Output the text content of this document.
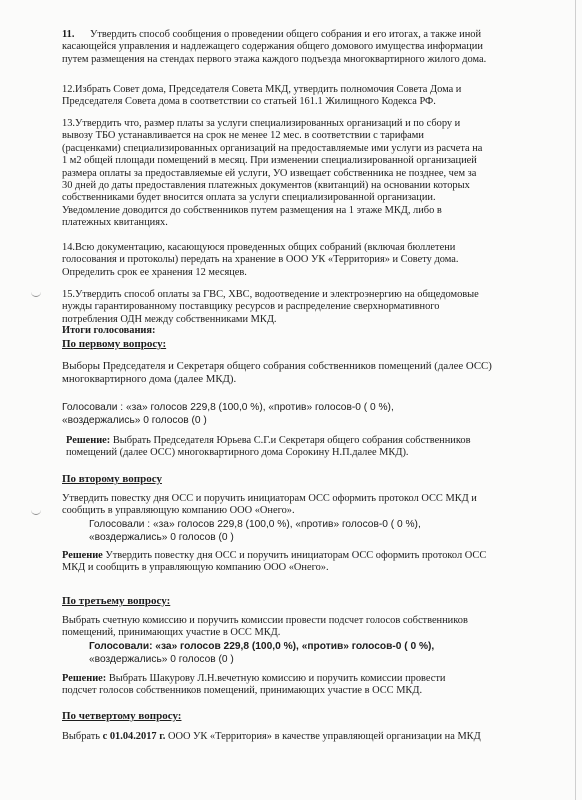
11. Утвердить способ сообщения о проведении общего собрания и его итогах, а также иной
касающейся управления и надлежащего содержания общего домового имущества информации
путем размещения на стендах первого этажа каждого подъезда многоквартирного жилого дома.
12.Избрать Совет дома, Председателя Совета МКД, утвердить полномочия Совета Дома и
Председателя Совета дома в соответствии со статьей 161.1 Жилищного Кодекса РФ.
13.Утвердить что, размер платы за услуги специализированных организаций и по сбору и
вывозу ТБО устанавливается на срок не менее 12 мес. в соответствии с тарифами
(расценками) специализированных организаций на предоставляемые ими услуги из расчета на
1 м2 общей площади помещений в месяц. При изменении специализированной организацией
размера оплаты за предоставляемые ей услуги, УО извещает собственника не позднее, чем за
30 дней до даты предоставления платежных документов (квитанций) на основании которых
собственниками будет вносится оплата за услуги специализированной организации.
Уведомление доводится до собственников путем размещения на 1 этаже МКД, либо в
платежных квитанциях.
14.Всю документацию, касающуюся проведенных общих собраний (включая бюллетени
голосования и протоколы) передать на хранение в ООО УК «Территория» и Совету дома.
Определить срок ее хранения 12 месяцев.
15.Утвердить способ оплаты за ГВС, ХВС, водоотведение и электроэнергию на общедомовые
нужды гарантированному поставщику ресурсов и распределение сверхнормативного
потребления ОДН между собственниками МКД.
Итоги голосования:
По первому вопросу:
Выборы Председателя и Секретаря общего собрания собственников помещений (далее ОСС)
многоквартирного дома (далее МКД).
Голосовали : «за» голосов 229,8 (100,0 %), «против» голосов-0 ( 0 %),
«воздержались» 0 голосов (0 )
Решение: Выбрать Председателя Юрьева С.Г.и Секретаря общего собрания собственников
помещений (далее ОСС) многоквартирного дома Сорокину Н.П.далее МКД).
По второму вопросу
Утвердить повестку дня ОСС и поручить инициаторам ОСС оформить протокол ОСС МКД и
сообщить в управляющую компанию ООО «Онего».
Голосовали : «за» голосов 229,8 (100,0 %), «против» голосов-0 ( 0 %),
«воздержались» 0 голосов (0 )
Решение Утвердить повестку дня ОСС и поручить инициаторам ОСС оформить протокол ОСС
МКД и сообщить в управляющую компанию ООО «Онего».
По третьему вопросу:
Выбрать счетную комиссию и поручить комиссии провести подсчет голосов собственников
помещений, принимающих участие в ОСС МКД.
Голосовали: «за» голосов 229,8 (100,0 %), «против» голосов-0 ( 0 %),
«воздержались» 0 голосов (0 )
Решение: Выбрать Шакурову Л.Н.вечетную комиссию и поручить комиссии провести
подсчет голосов собственников помещений, принимающих участие в ОСС МКД.
По четвертому вопросу:
Выбрать с 01.04.2017 г. ООО УК «Территория» в качестве управляющей организации на МКД
